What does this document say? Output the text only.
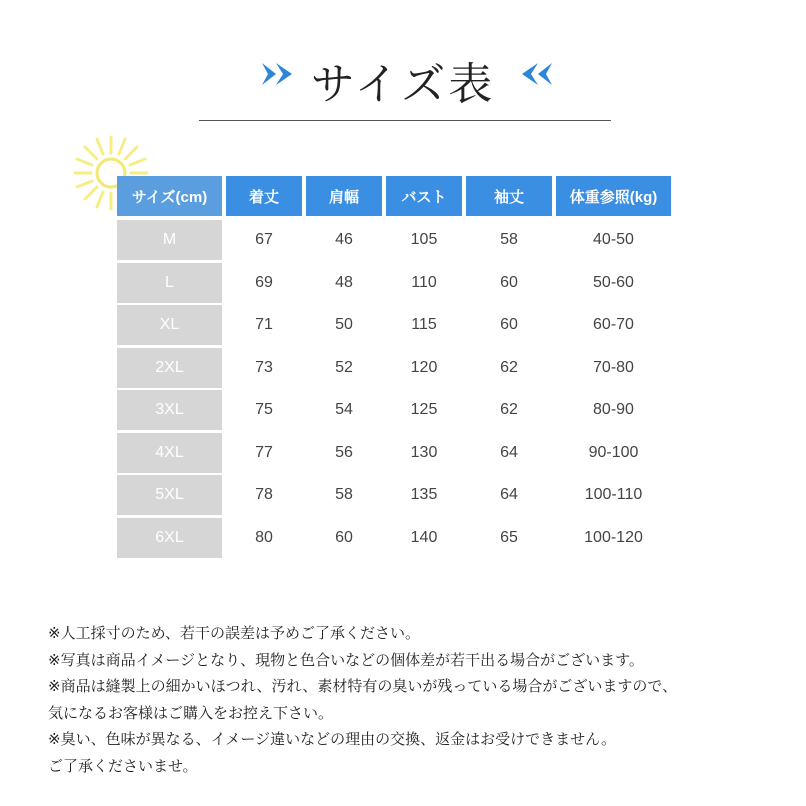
サイズ表
サイズ(cm)	着丈	肩幅	バスト	袖丈	体重参照(kg)
M	67	46	105	58	40-50
L	69	48	110	60	50-60
XL	71	50	115	60	60-70
2XL	73	52	120	62	70-80
3XL	75	54	125	62	80-90
4XL	77	56	130	64	90-100
5XL	78	58	135	64	100-110
6XL	80	60	140	65	100-120
※人工採寸のため、若干の誤差は予めご了承ください。
※写真は商品イメージとなり、現物と色合いなどの個体差が若干出る場合がございます。
※商品は縫製上の細かいほつれ、汚れ、素材特有の臭いが残っている場合がございますので、
気になるお客様はご購入をお控え下さい。
※臭い、色味が異なる、イメージ違いなどの理由の交換、返金はお受けできません。
ご了承くださいませ。
